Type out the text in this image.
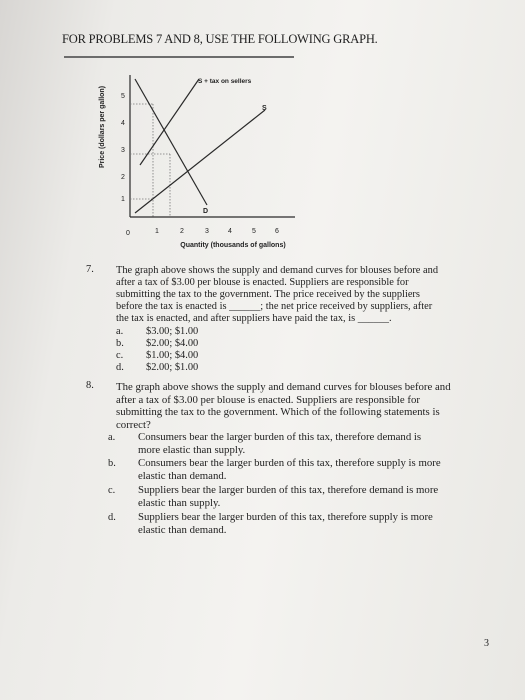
FOR PROBLEMS 7 AND 8, USE THE FOLLOWING GRAPH.
Price (dollars per gallon) 5
4
3
2
1
0	1	2	3	4	5	6
S + tax on sellers
S
D
Quantity (thousands of gallons)
7. The graph above shows the supply and demand curves for blouses before and
after a tax of $3.00 per blouse is enacted. Suppliers are responsible for
submitting the tax to the government. The price received by the suppliers
before the tax is enacted is ______; the net price received by suppliers, after
the tax is enacted, and after suppliers have paid the tax, is ______.
a. $3.00; $1.00
b. $2.00; $4.00
c. $1.00; $4.00
d. $2.00; $1.00
8. The graph above shows the supply and demand curves for blouses before and
after a tax of $3.00 per blouse is enacted. Suppliers are responsible for
submitting the tax to the government. Which of the following statements is
correct?
a. Consumers bear the larger burden of this tax, therefore demand is
more elastic than supply.
b. Consumers bear the larger burden of this tax, therefore supply is more
elastic than demand.
c. Suppliers bear the larger burden of this tax, therefore demand is more
elastic than supply.
d. Suppliers bear the larger burden of this tax, therefore supply is more
elastic than demand.
3
